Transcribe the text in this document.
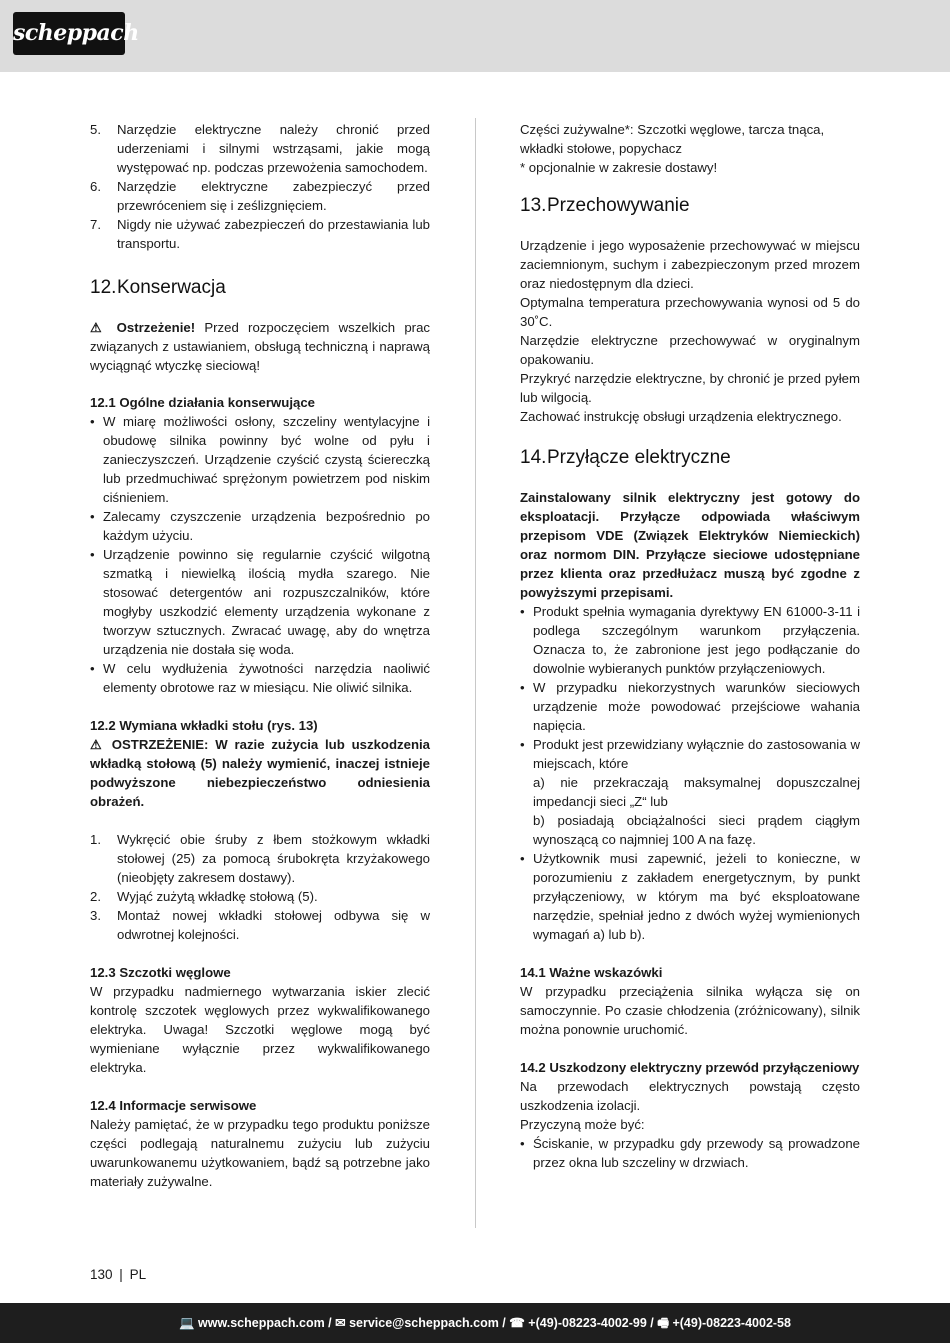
scheppach
5.	Narzędzie elektryczne należy chronić przed uderzeniami i silnymi wstrząsami, jakie mogą występować np. podczas przewożenia samochodem.
6.	Narzędzie elektryczne zabezpieczyć przed przewróceniem się i ześlizgnięciem.
7.	Nigdy nie używać zabezpieczeń do przestawiania lub transportu.
12.Konserwacja

⚠ Ostrzeżenie! Przed rozpoczęciem wszelkich prac związanych z ustawianiem, obsługą techniczną i naprawą wyciągnąć wtyczkę sieciową!

12.1 Ogólne działania konserwujące
• W miarę możliwości osłony, szczeliny wentylacyjne i obudowę silnika powinny być wolne od pyłu i zanieczyszczeń. Urządzenie czyścić czystą ściereczką lub przedmuchiwać sprężonym powietrzem pod niskim ciśnieniem.
• Zalecamy czyszczenie urządzenia bezpośrednio po każdym użyciu.
• Urządzenie powinno się regularnie czyścić wilgotną szmatką i niewielką ilością mydła szarego. Nie stosować detergentów ani rozpuszczalników, które mogłyby uszkodzić elementy urządzenia wykonane z tworzyw sztucznych. Zwracać uwagę, aby do wnętrza urządzenia nie dostała się woda.
• W celu wydłużenia żywotności narzędzia naoliwić elementy obrotowe raz w miesiącu. Nie oliwić silnika.
12.2 Wymiana wkładki stołu (rys. 13)

⚠ OSTRZEŻENIE: W razie zużycia lub uszkodzenia wkładką stołową (5) należy wymienić, inaczej istnieje podwyższone niebezpieczeństwo odniesienia obrażeń.

1.	Wykręcić obie śruby z łbem stożkowym wkładki stołowej (25) za pomocą śrubokręta krzyżakowego (nieobjęty zakresem dostawy).
2.	Wyjąć zużytą wkładkę stołową (5).
3.	Montaż nowej wkładki stołowej odbywa się w odwrotnej kolejności.
12.3 Szczotki węglowe

W przypadku nadmiernego wytwarzania iskier zlecić kontrolę szczotek węglowych przez wykwalifikowanego elektryka. Uwaga! Szczotki węglowe mogą być wymieniane wyłącznie przez wykwalifikowanego elektryka.

12.4 Informacje serwisowe

Należy pamiętać, że w przypadku tego produktu poniższe części podlegają naturalnemu zużyciu lub zużyciu uwarunkowanemu użytkowaniem, bądź są potrzebne jako materiały zużywalne.

Części zużywalne*: Szczotki węglowe, tarcza tnąca, wkładki stołowe, popychacz

* opcjonalnie w zakresie dostawy!

13.Przechowywanie

Urządzenie i jego wyposażenie przechowywać w miejscu zaciemnionym, suchym i zabezpieczonym przed mrozem oraz niedostępnym dla dzieci.

Optymalna temperatura przechowywania wynosi od 5 do 30˚C.

Narzędzie elektryczne przechowywać w oryginalnym opakowaniu.

Przykryć narzędzie elektryczne, by chronić je przed pyłem lub wilgocią.

Zachować instrukcję obsługi urządzenia elektrycznego.

14.Przyłącze elektryczne

Zainstalowany silnik elektryczny jest gotowy do eksploatacji. Przyłącze odpowiada właściwym przepisom VDE (Związek Elektryków Niemieckich) oraz normom DIN. Przyłącze sieciowe udostępniane przez klienta oraz przedłużacz muszą być zgodne z powyższymi przepisami.

• Produkt spełnia wymagania dyrektywy EN 61000-3-11 i podlega szczególnym warunkom przyłączenia. Oznacza to, że zabronione jest jego podłączanie do dowolnie wybieranych punktów przyłączeniowych.
• W przypadku niekorzystnych warunków sieciowych urządzenie może powodować przejściowe wahania napięcia.
• Produkt jest przewidziany wyłącznie do zastosowania w miejscach, które
a) nie przekraczają maksymalnej dopuszczalnej impedancji sieci „Z“ lub
b) posiadają obciążalności sieci prądem ciągłym wynoszącą co najmniej 100 A na fazę.
• Użytkownik musi zapewnić, jeżeli to konieczne, w porozumieniu z zakładem energetycznym, by punkt przyłączeniowy, w którym ma być eksploatowane narzędzie, spełniał jedno z dwóch wyżej wymienionych wymagań a) lub b).
14.1 Ważne wskazówki

W przypadku przeciążenia silnika wyłącza się on samoczynnie. Po czasie chłodzenia (zróżnicowany), silnik można ponownie uruchomić.

14.2 Uszkodzony elektryczny przewód przyłączeniowy

Na przewodach elektrycznych powstają często uszkodzenia izolacji.

Przyczyną może być:

• Ściskanie, w przypadku gdy przewody są prowadzone przez okna lub szczeliny w drzwiach.
130 | PL
💻 www.scheppach.com / ✉ service@scheppach.com / ☎ +(49)-08223-4002-99 / 🖷 +(49)-08223-4002-58
